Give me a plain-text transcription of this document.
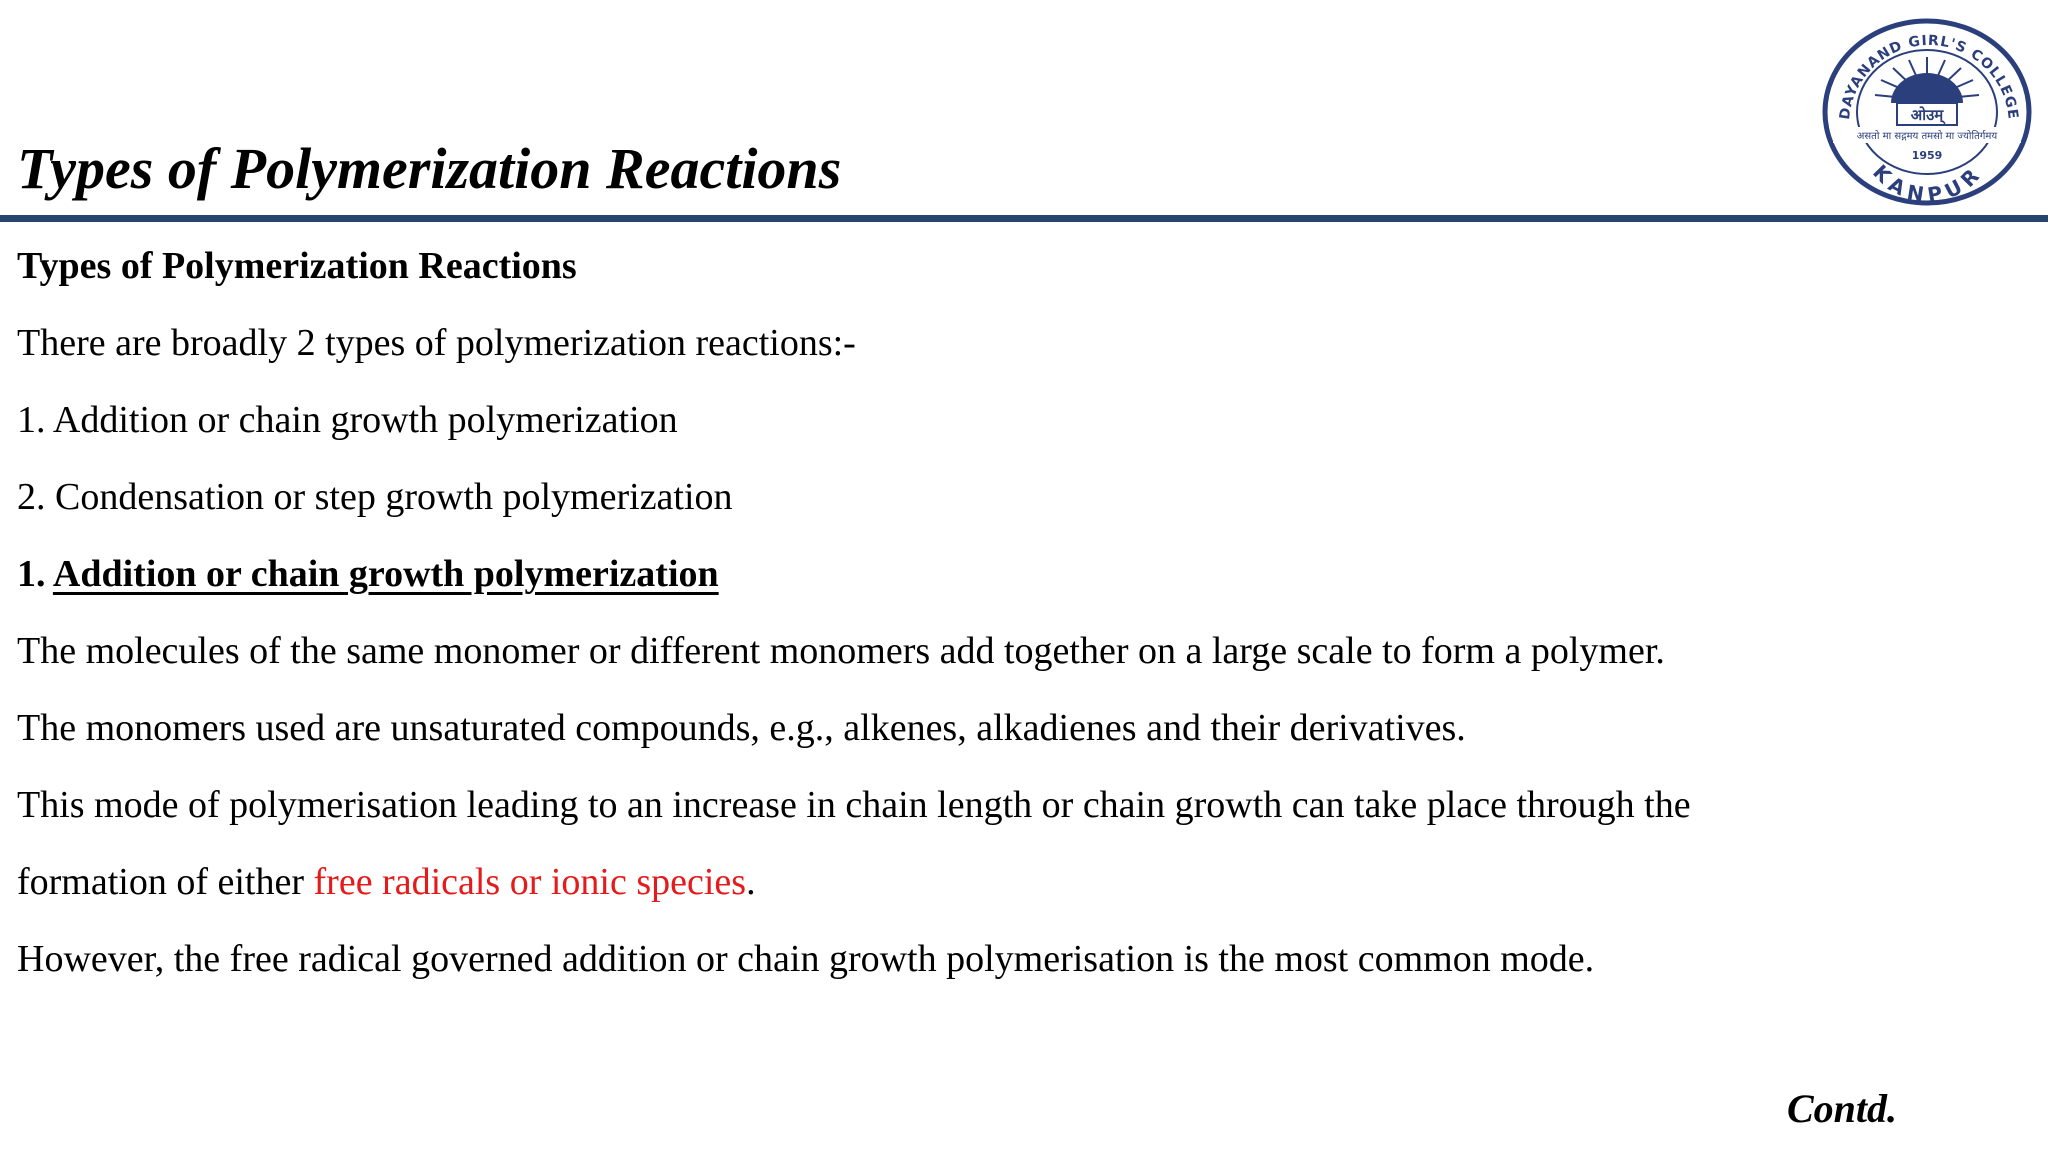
Types of Polymerization Reactions
ओउम्
असतो मा सद्गमय तमसो मा ज्योतिर्गमय
1959
DAYANAND GIRL'S COLLEGE
KANPUR
Types of Polymerization Reactions
There are broadly 2 types of polymerization reactions:-
1. Addition or chain growth polymerization
2. Condensation or step growth polymerization
1. Addition or chain growth polymerization
The molecules of the same monomer or different monomers add together on a large scale to form a polymer.
The monomers used are unsaturated compounds, e.g., alkenes, alkadienes and their derivatives.
This mode of polymerisation leading to an increase in chain length or chain growth can take place through the
formation of either free radicals or ionic species.
However, the free radical governed addition or chain growth polymerisation is the most common mode.
Contd.
